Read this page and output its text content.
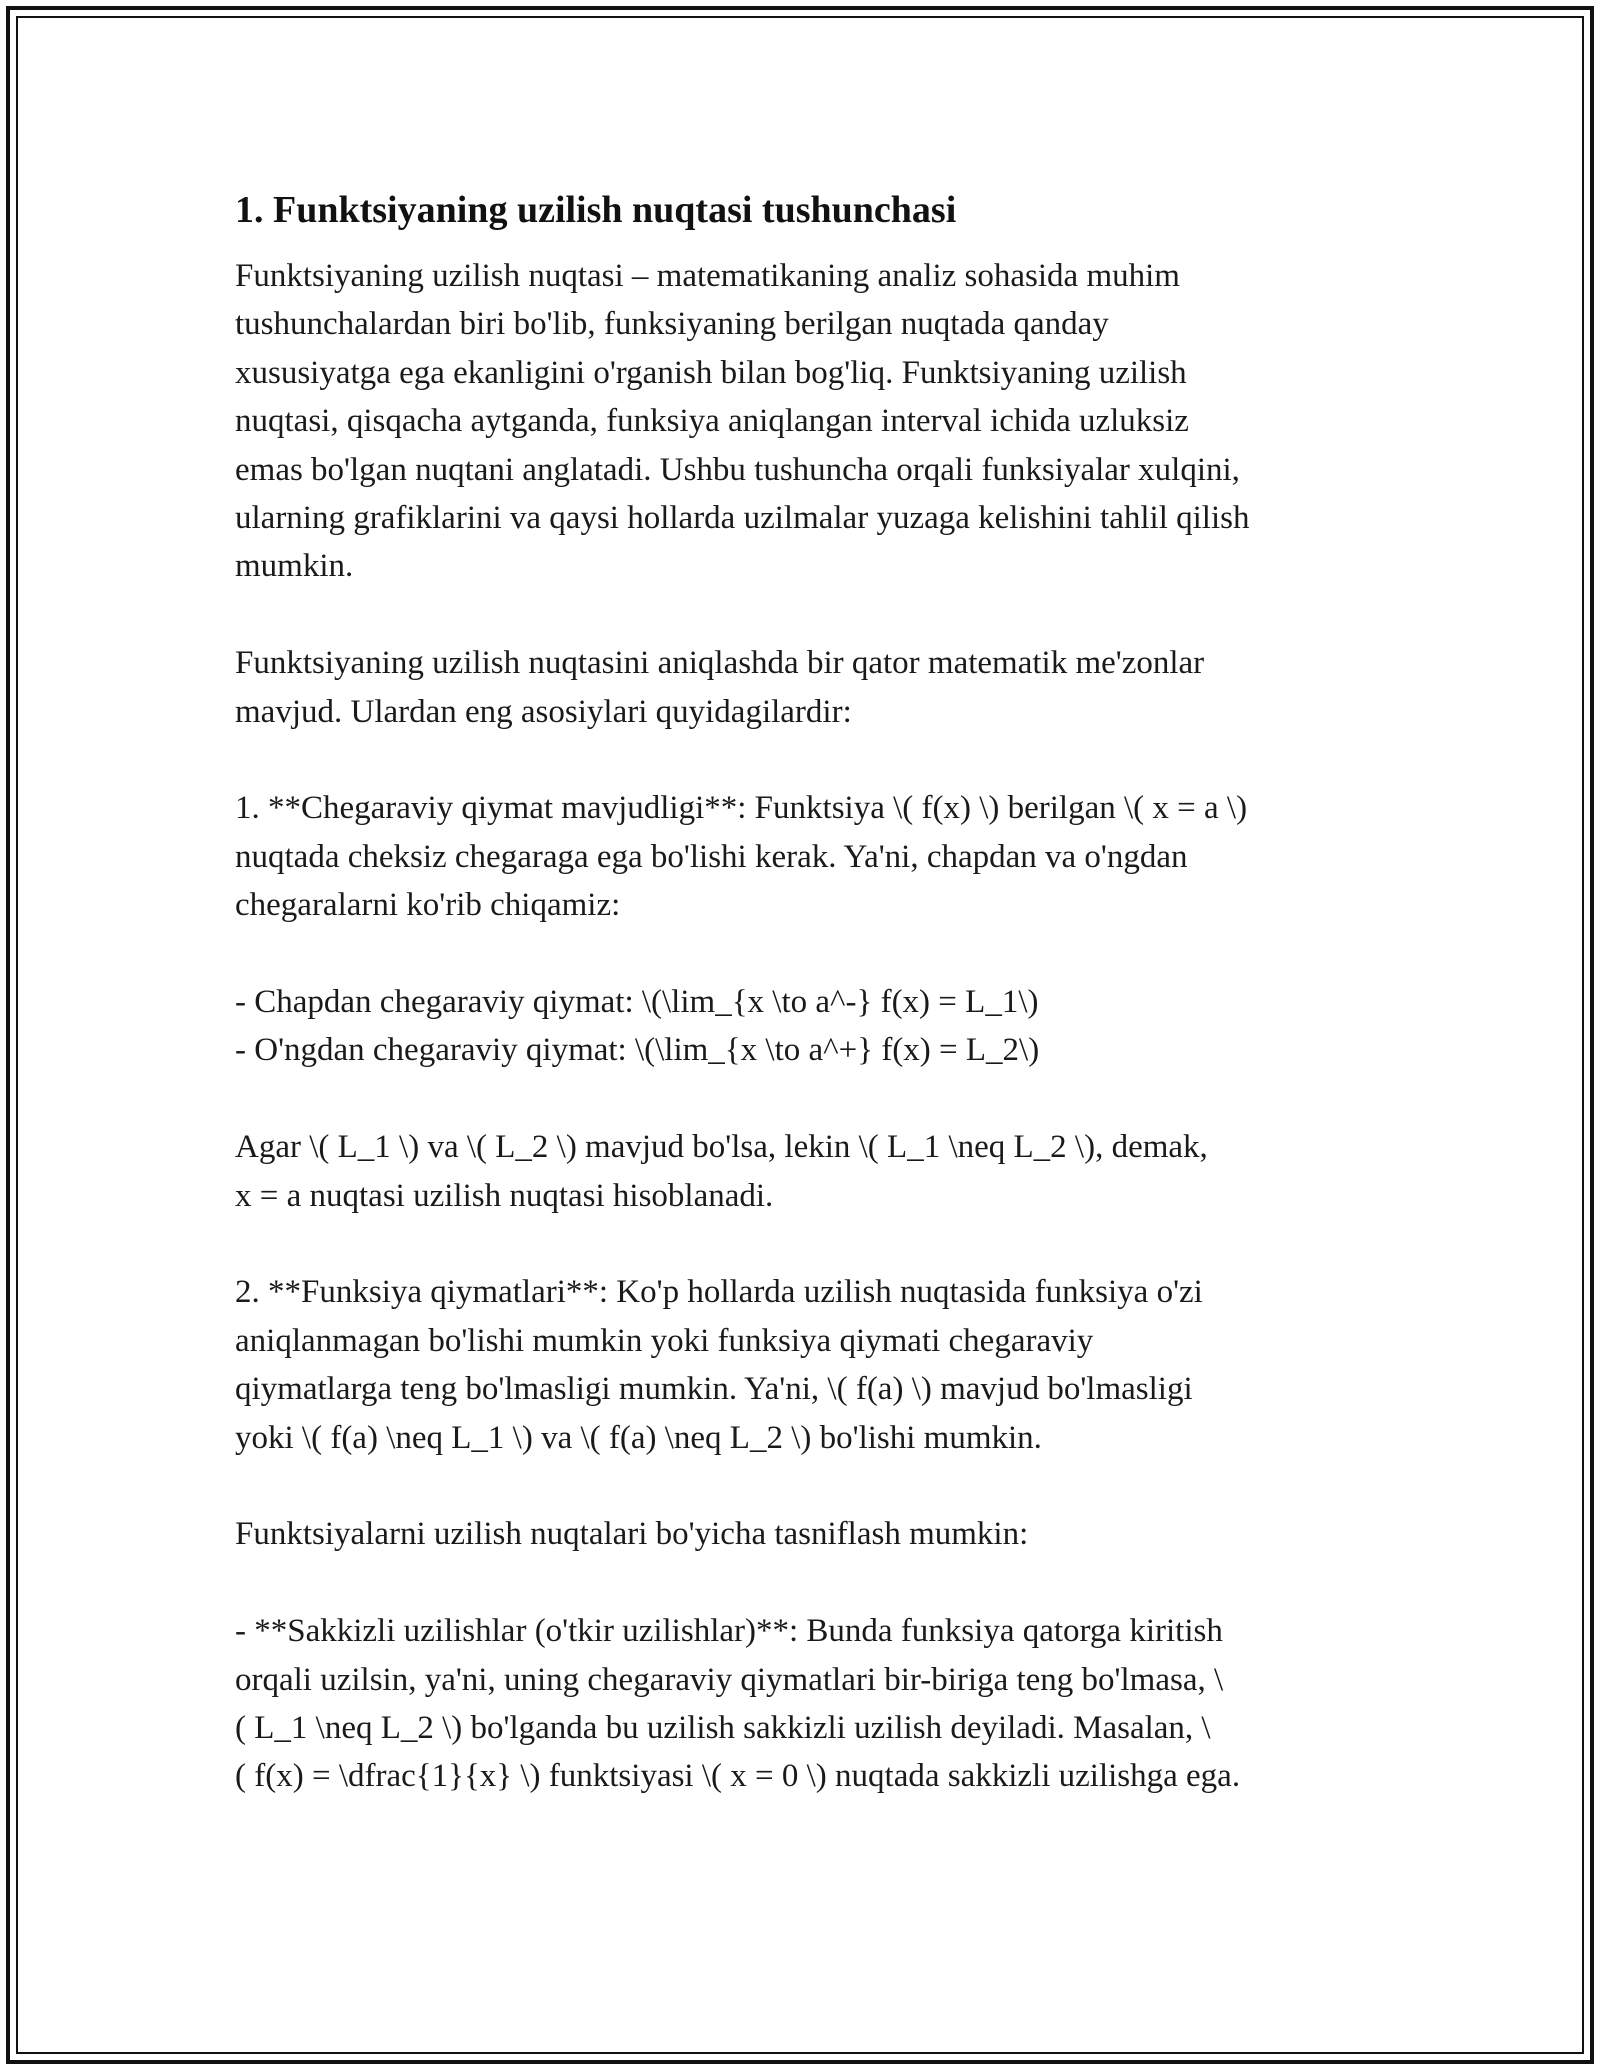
1. Funktsiyaning uzilish nuqtasi tushunchasi

Funktsiyaning uzilish nuqtasi – matematikaning analiz sohasida muhim
tushunchalardan biri bo'lib, funksiyaning berilgan nuqtada qanday
xususiyatga ega ekanligini o'rganish bilan bog'liq. Funktsiyaning uzilish
nuqtasi, qisqacha aytganda, funksiya aniqlangan interval ichida uzluksiz
emas bo'lgan nuqtani anglatadi. Ushbu tushuncha orqali funksiyalar xulqini,
ularning grafiklarini va qaysi hollarda uzilmalar yuzaga kelishini tahlil qilish
mumkin.

Funktsiyaning uzilish nuqtasini aniqlashda bir qator matematik me'zonlar
mavjud. Ulardan eng asosiylari quyidagilardir:

1. **Chegaraviy qiymat mavjudligi**: Funktsiya \( f(x) \) berilgan \( x = a \)
nuqtada cheksiz chegaraga ega bo'lishi kerak. Ya'ni, chapdan va o'ngdan
chegaralarni ko'rib chiqamiz:

- Chapdan chegaraviy qiymat: \(\lim_{x \to a^-} f(x) = L_1\)
- O'ngdan chegaraviy qiymat: \(\lim_{x \to a^+} f(x) = L_2\)

Agar \( L_1 \) va \( L_2 \) mavjud bo'lsa, lekin \( L_1 \neq L_2 \), demak,
x = a nuqtasi uzilish nuqtasi hisoblanadi.

2. **Funksiya qiymatlari**: Ko'p hollarda uzilish nuqtasida funksiya o'zi
aniqlanmagan bo'lishi mumkin yoki funksiya qiymati chegaraviy
qiymatlarga teng bo'lmasligi mumkin. Ya'ni, \( f(a) \) mavjud bo'lmasligi
yoki \( f(a) \neq L_1 \) va \( f(a) \neq L_2 \) bo'lishi mumkin.

Funktsiyalarni uzilish nuqtalari bo'yicha tasniflash mumkin:

- **Sakkizli uzilishlar (o'tkir uzilishlar)**: Bunda funksiya qatorga kiritish
orqali uzilsin, ya'ni, uning chegaraviy qiymatlari bir-biriga teng bo'lmasa, \
( L_1 \neq L_2 \) bo'lganda bu uzilish sakkizli uzilish deyiladi. Masalan, \
( f(x) = \dfrac{1}{x} \) funktsiyasi \( x = 0 \) nuqtada sakkizli uzilishga ega.
